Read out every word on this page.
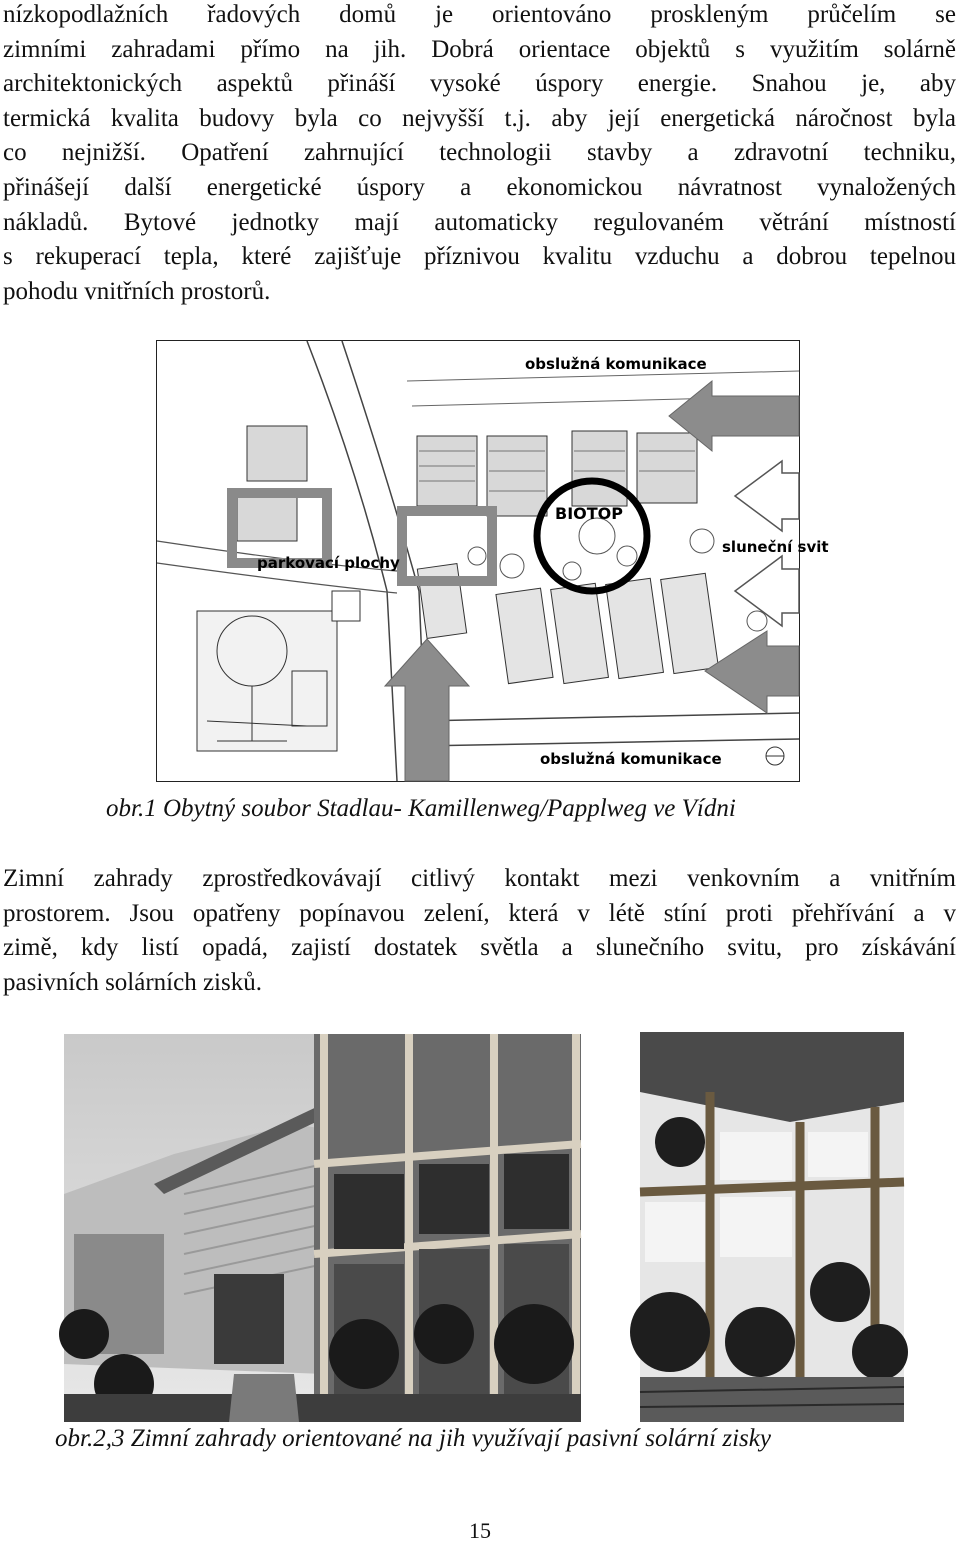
nízkopodlažních řadových domů je orientováno proskleným průčelím se
zimními zahradami přímo na jih. Dobrá orientace objektů s využitím solárně
architektonických aspektů přináší vysoké úspory energie. Snahou je, aby
termická kvalita budovy byla co nejvyšší t.j. aby její energetická náročnost byla
co nejnižší. Opatření zahrnující technologii stavby a zdravotní techniku,
přinášejí další energetické úspory a ekonomickou návratnost vynaložených
nákladů. Bytové jednotky mají automaticky regulovaném větrání místností
s rekuperací tepla, které zajišťuje příznivou kvalitu vzduchu a dobrou tepelnou
pohodu vnitřních prostorů.
obslužná komunikace
BIOTOP
parkovací plochy
sluneční svit
obslužná komunikace

obr.1 Obytný soubor Stadlau- Kamillenweg/Papplweg ve Vídni

Zimní zahrady zprostředkovávají citlivý kontakt mezi venkovním a vnitřním
prostorem. Jsou opatřeny popínavou zelení, která v létě stíní proti přehřívání a v
zimě, kdy listí opadá, zajistí dostatek světla a slunečního svitu, pro získávání
pasivních solárních zisků.

obr.2,3 Zimní zahrady orientované na jih využívají pasivní solární zisky

15
